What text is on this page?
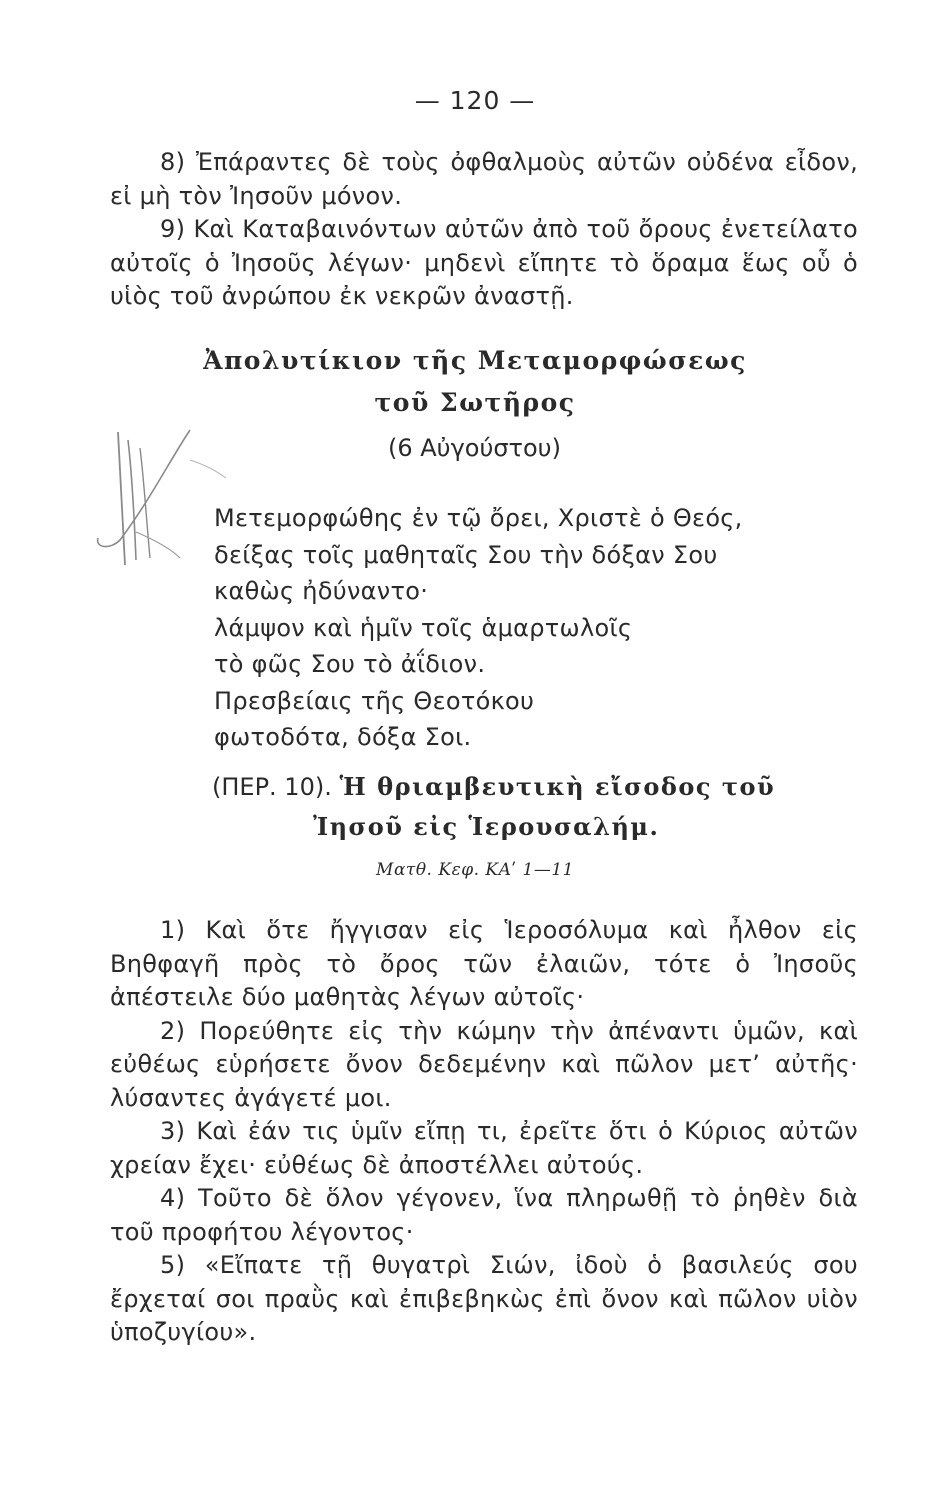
— 120 —

8) Ἐπάραντες δὲ τοὺς ὀφθαλμοὺς αὐτῶν οὐδένα εἶδον, εἰ μὴ τὸν Ἰησοῦν μόνον.

9) Καὶ Καταβαινόντων αὐτῶν ἀπὸ τοῦ ὄρους ἐνετείλατο αὐτοῖς ὁ Ἰησοῦς λέγων· μηδενὶ εἴπητε τὸ ὅραμα ἕως οὗ ὁ υἱὸς τοῦ ἀνρώπου ἐκ νεκρῶν ἀναστῇ.

Ἀπολυτίκιον τῆς Μεταμορφώσεως
τοῦ Σωτῆρος
(6 Αὐγούστου)
Μετεμορφώθης ἐν τῷ ὄρει, Χριστὲ ὁ Θεός,
δείξας τοῖς μαθηταῖς Σου τὴν δόξαν Σου
καθὼς ἠδύναντο·
λάμψον καὶ ἡμῖν τοῖς ἁμαρτωλοῖς
τὸ φῶς Σου τὸ ἀΐδιον.
Πρεσβείαις τῆς Θεοτόκου
φωτοδότα, δόξα Σοι.
(ΠΕΡ. 10). Ἡ θριαμβευτικὴ εἴσοδος τοῦ
Ἰησοῦ εἰς Ἱερουσαλήμ.
Ματθ. Κεφ. ΚΑʹ 1—11

1) Καὶ ὅτε ἤγγισαν εἰς Ἱεροσόλυμα καὶ ἦλθον εἰς Βηθφαγῆ πρὸς τὸ ὄρος τῶν ἐλαιῶν, τότε ὁ Ἰησοῦς ἀπέστειλε δύο μαθητὰς λέγων αὐτοῖς·

2) Πορεύθητε εἰς τὴν κώμην τὴν ἀπέναντι ὑμῶν, καὶ εὐθέως εὑρήσετε ὄνον δεδεμένην καὶ πῶλον μετʼ αὐτῆς· λύσαντες ἀγάγετέ μοι.

3) Καὶ ἐάν τις ὑμῖν εἴπῃ τι, ἐρεῖτε ὅτι ὁ Κύριος αὐτῶν χρείαν ἔχει· εὐθέως δὲ ἀποστέλλει αὐτούς.

4) Τοῦτο δὲ ὅλον γέγονεν, ἵνα πληρωθῇ τὸ ῥηθὲν διὰ τοῦ προφήτου λέγοντος·

5) «Εἴπατε τῇ θυγατρὶ Σιών, ἰδοὺ ὁ βασιλεύς σου ἔρχεταί σοι πραῢς καὶ ἐπιβεβηκὼς ἐπὶ ὄνον καὶ πῶλον υἱὸν ὑποζυγίου».
